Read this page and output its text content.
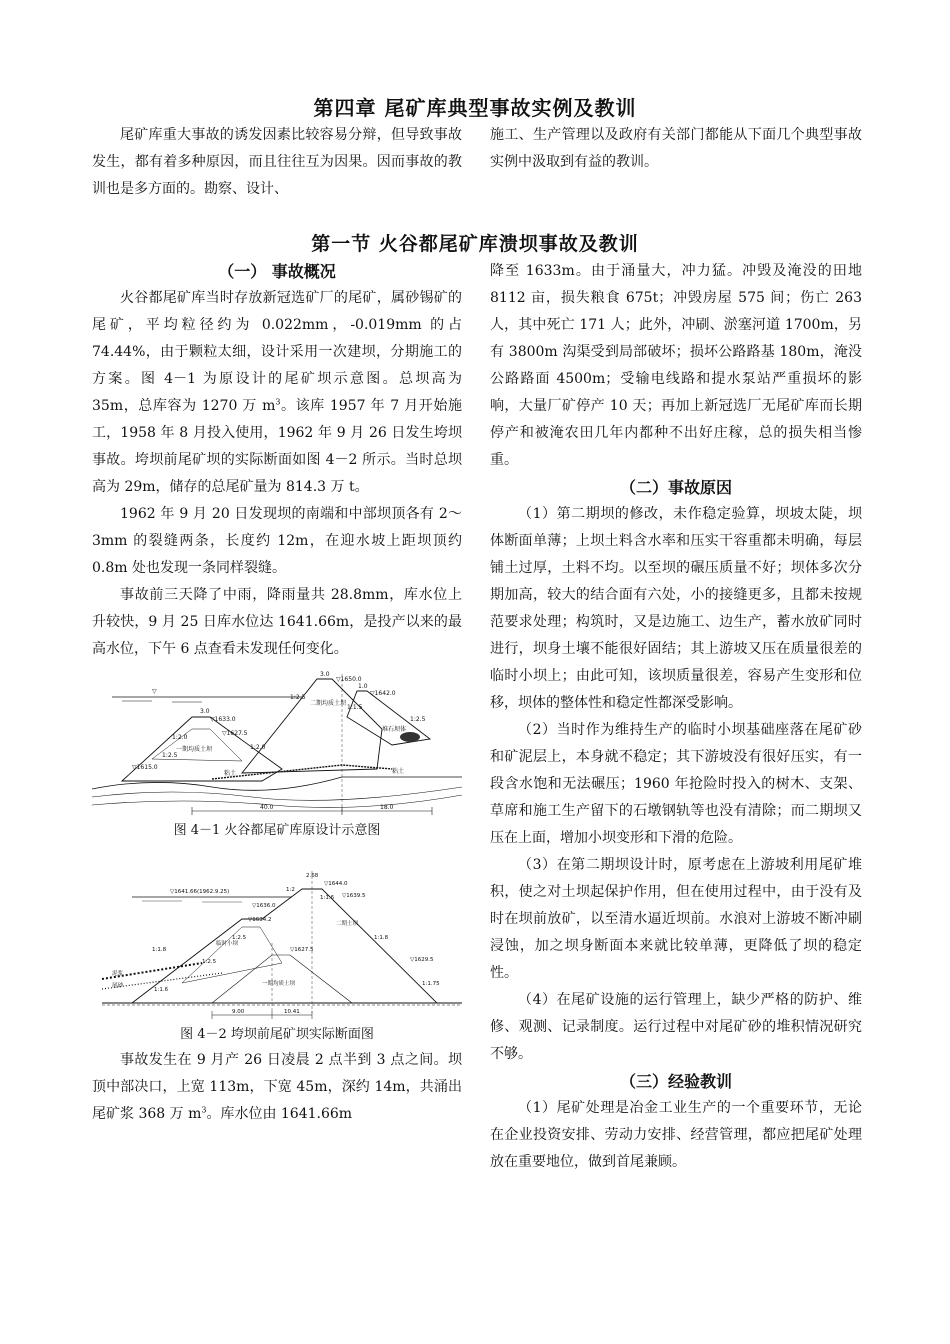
第四章 尾矿库典型事故实例及教训

尾矿库重大事故的诱发因素比较容易分辩，但导致事故发生，都有着多种原因，而且往往互为因果。因而事故的教训也是多方面的。勘察、设计、

施工、生产管理以及政府有关部门都能从下面几个典型事故实例中汲取到有益的教训。

第一节 火谷都尾矿库溃坝事故及教训

（一） 事故概况

火谷都尾矿库当时存放新冠选矿厂的尾矿，属砂锡矿的尾矿，平均粒径约为 0.022mm，-0.019mm 的占 74.44%，由于颗粒太细，设计采用一次建坝，分期施工的方案。图 4－1 为原设计的尾矿坝示意图。总坝高为 35m，总库容为 1270 万 $m^3$。该库 1957 年 7 月开始施工，1958 年 8 月投入使用，1962 年 9 月 26 日发生垮坝事故。垮坝前尾矿坝的实际断面如图 4－2 所示。当时总坝高为 29m，储存的总尾矿量为 814.3 万 t。

1962 年 9 月 20 日发现坝的南端和中部坝顶各有 2～3mm 的裂缝两条，长度约 12m，在迎水坡上距坝顶约 0.8m 处也发现一条同样裂缝。

事故前三天降了中雨，降雨量共 28.8mm，库水位上升较快，9 月 25 日库水位达 1641.66m，是投产以来的最高水位，下午 6 点查看未发现任何变化。

▽
3.0
3.0
1.0
▽1650.0
▽1642.0
▽1633.0
▽1627.5
▽1615.0
1:2.5
1:2.0
1:2.5
1:2.0
1:1.5
1:2.5
二期均质土坝
一期均质土坝
堆石坝体
粘土	粘土
40.0	18.0

图 4－1 火谷都尾矿库原设计示意图

2.68
▽1644.0
▽1641.66(1962.9.25)
▽1639.5
▽1636.0
▽1634.2
▽1627.5
▽1629.5
1:2
1:1.6
1:1.8
1:2.5
1:1.75
1:1.8
1:2.5
1:1.6
临时小坝
二期土坝
一期均质土坝
泥浆
尾砂
9.00	10.41

图 4－2 垮坝前尾矿坝实际断面图

事故发生在 9 月产 26 日凌晨 2 点半到 3 点之间。坝顶中部决口，上宽 113m，下宽 45m，深约 14m，共涌出尾矿浆 368 万 $m^3$。库水位由 1641.66m

降至 1633m。由于涌量大，冲力猛。冲毁及淹没的田地 8112 亩，损失粮食 675t；冲毁房屋 575 间；伤亡 263 人，其中死亡 171 人；此外，冲刷、淤塞河道 1700m，另有 3800m 沟渠受到局部破坏；损坏公路路基 180m，淹没公路路面 4500m；受输电线路和提水泵站严重损坏的影响，大量厂矿停产 10 天；再加上新冠选厂无尾矿库而长期停产和被淹农田几年内都种不出好庄稼，总的损失相当惨重。

（二）事故原因

（1）第二期坝的修改，未作稳定验算，坝坡太陡，坝体断面单薄；上坝土料含水率和压实干容重都未明确，每层铺土过厚，土料不均。以至坝的碾压质量不好；坝体多次分期加高，较大的结合面有六处，小的接缝更多，且都未按规范要求处理；构筑时，又是边施工、边生产，蓄水放矿同时进行，坝身土壤不能很好固结；其上游坡又压在质量很差的临时小坝上；由此可知，该坝质量很差，容易产生变形和位移，坝体的整体性和稳定性都深受影响。

（2）当时作为维持生产的临时小坝基础座落在尾矿砂和矿泥层上，本身就不稳定；其下游坡没有很好压实，有一段含水饱和无法碾压；1960 年抢险时投入的树木、支架、草席和施工生产留下的石墩钢轨等也没有清除；而二期坝又压在上面，增加小坝变形和下滑的危险。

（3）在第二期坝设计时，原考虑在上游坡利用尾矿堆积，使之对土坝起保护作用，但在使用过程中，由于没有及时在坝前放矿，以至清水逼近坝前。水浪对上游坡不断冲刷浸蚀，加之坝身断面本来就比较单薄，更降低了坝的稳定性。

（4）在尾矿设施的运行管理上，缺少严格的防护、维修、观测、记录制度。运行过程中对尾矿砂的堆积情况研究不够。

（三）经验教训

（1）尾矿处理是冶金工业生产的一个重要环节，无论在企业投资安排、劳动力安排、经营管理，都应把尾矿处理放在重要地位，做到首尾兼顾。
